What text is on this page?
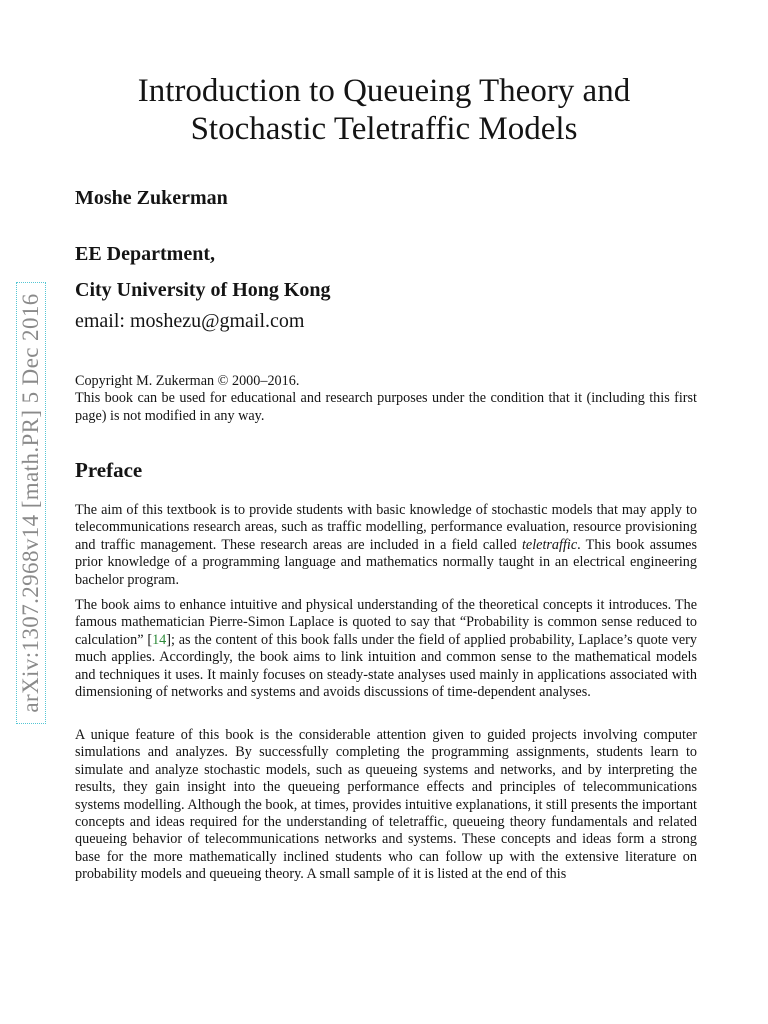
arXiv:1307.2968v14 [math.PR] 5 Dec 2016
Introduction to Queueing Theory and
Stochastic Teletraffic Models

Moshe Zukerman

EE Department,

City University of Hong Kong

email: moshezu@gmail.com

Copyright M. Zukerman © 2000–2016.

This book can be used for educational and research purposes under the condition that it (including this first page) is not modified in any way.

Preface

The aim of this textbook is to provide students with basic knowledge of stochastic models that may apply to telecommunications research areas, such as traffic modelling, performance evaluation, resource provisioning and traffic management. These research areas are included in a field called teletraffic. This book assumes prior knowledge of a programming language and mathematics normally taught in an electrical engineering bachelor program.

The book aims to enhance intuitive and physical understanding of the theoretical concepts it introduces. The famous mathematician Pierre-Simon Laplace is quoted to say that “Probability is common sense reduced to calculation” [14]; as the content of this book falls under the field of applied probability, Laplace’s quote very much applies. Accordingly, the book aims to link intuition and common sense to the mathematical models and techniques it uses. It mainly focuses on steady-state analyses used mainly in applications associated with dimensioning of networks and systems and avoids discussions of time-dependent analyses.

A unique feature of this book is the considerable attention given to guided projects involving computer simulations and analyzes. By successfully completing the programming assignments, students learn to simulate and analyze stochastic models, such as queueing systems and networks, and by interpreting the results, they gain insight into the queueing performance effects and principles of telecommunications systems modelling. Although the book, at times, provides intuitive explanations, it still presents the important concepts and ideas required for the understanding of teletraffic, queueing theory fundamentals and related queueing behavior of telecommunications networks and systems. These concepts and ideas form a strong base for the more mathematically inclined students who can follow up with the extensive literature on probability models and queueing theory. A small sample of it is listed at the end of this
